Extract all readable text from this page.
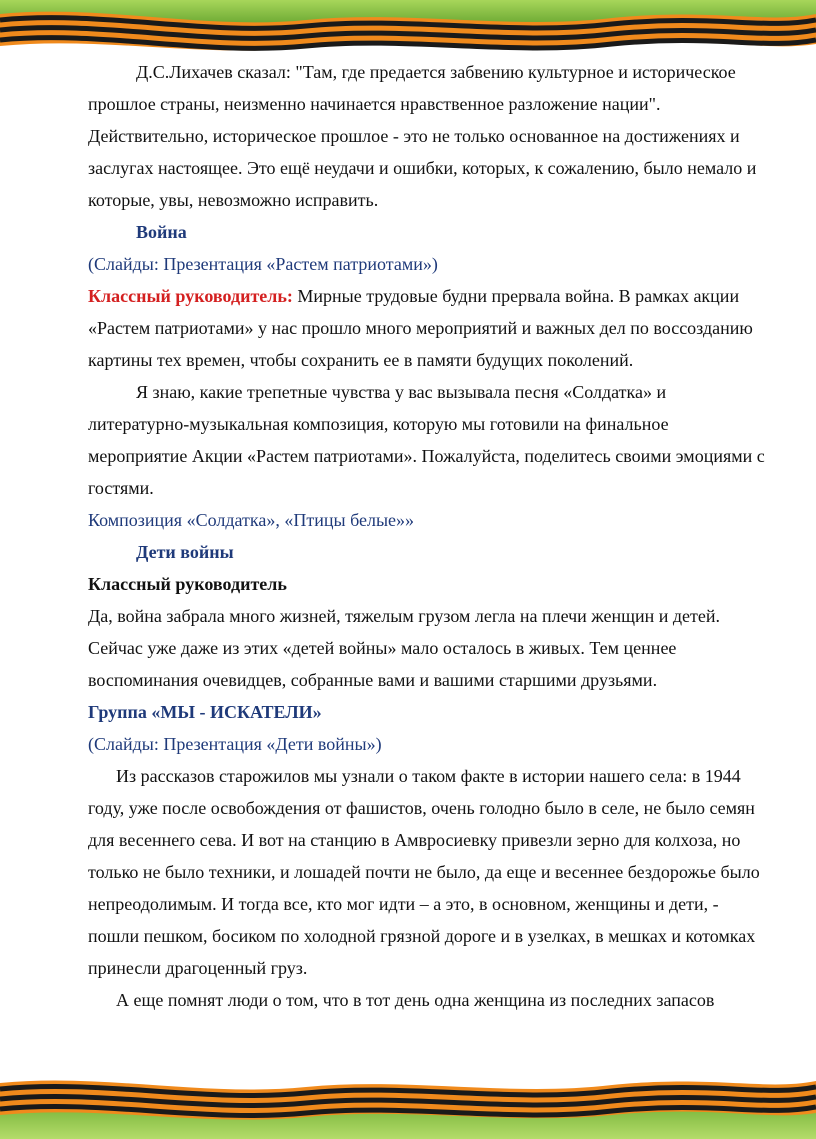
Д.С.Лихачев сказал: "Там, где предается забвению культурное и историческое прошлое страны, неизменно начинается нравственное разложение нации". Действительно, историческое прошлое - это не только основанное на достижениях и заслугах настоящее. Это ещё неудачи и ошибки, которых, к сожалению, было немало и которые, увы, невозможно исправить.

Война

(Слайды: Презентация «Растем патриотами»)

Классный руководитель: Мирные трудовые будни прервала война. В рамках акции «Растем патриотами» у нас прошло много мероприятий и важных дел по воссозданию картины тех времен, чтобы сохранить ее в памяти будущих поколений.

Я знаю, какие трепетные чувства у вас вызывала песня «Солдатка» и литературно-музыкальная композиция, которую мы готовили на финальное мероприятие Акции «Растем патриотами». Пожалуйста, поделитесь своими эмоциями с гостями.

Композиция «Солдатка», «Птицы белые»»

Дети войны

Классный руководитель

Да, война забрала много жизней, тяжелым грузом легла на плечи женщин и детей. Сейчас уже даже из этих «детей войны» мало осталось в живых. Тем ценнее воспоминания очевидцев, собранные вами и вашими старшими друзьями.

Группа «МЫ - ИСКАТЕЛИ»

(Слайды: Презентация «Дети войны»)

Из рассказов старожилов мы узнали о таком факте в истории нашего села: в 1944 году, уже после освобождения от фашистов, очень голодно было в селе, не было семян для весеннего сева. И вот на станцию в Амвросиевку привезли зерно для колхоза, но только не было техники, и лошадей почти не было, да еще и весеннее бездорожье было непреодолимым. И тогда все, кто мог идти – а это, в основном, женщины и дети, - пошли пешком, босиком по холодной грязной дороге и в узелках, в мешках и котомках принесли драгоценный груз.

А еще помнят люди о том, что в тот день одна женщина из последних запасов
